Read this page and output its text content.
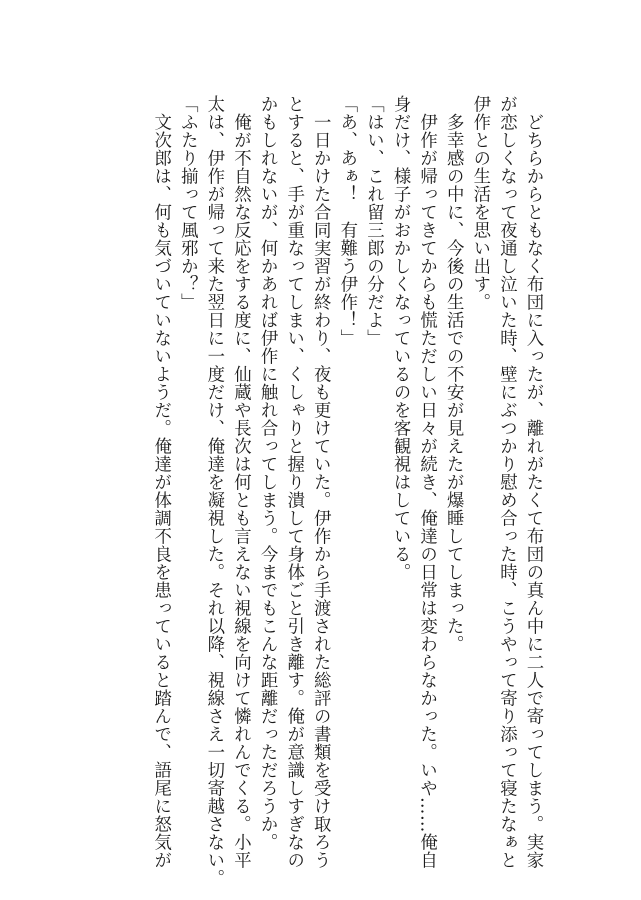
　どちらからともなく布団に入ったが、離れがたくて布団の真ん中に二人で寄ってしまう。実家
が恋しくなって夜通し泣いた時、壁にぶつかり慰め合った時、こうやって寄り添って寝たなぁと
伊作との生活を思い出す。
　多幸感の中に、今後の生活での不安が見えたが爆睡してしまった。
　伊作が帰ってきてからも慌ただしい日々が続き、俺達の日常は変わらなかった。いや……俺自
身だけ、様子がおかしくなっているのを客観視はしている。
「はい、これ留三郎の分だよ」
「あ、あぁ！　有難う伊作！」
　一日かけた合同実習が終わり、夜も更けていた。伊作から手渡された総評の書類を受け取ろう
とすると、手が重なってしまい、くしゃりと握り潰して身体ごと引き離す。俺が意識しすぎなの
かもしれないが、何かあれば伊作に触れ合ってしまう。今までもこんな距離だっただろうか。
　俺が不自然な反応をする度に、仙蔵や長次は何とも言えない視線を向けて憐れんでくる。小平
太は、伊作が帰って来た翌日に一度だけ、俺達を凝視した。それ以降、視線さえ一切寄越さない。
「ふたり揃って風邪か？」
　文次郎は、何も気づいていないようだ。俺達が体調不良を患っていると踏んで、語尾に怒気が
